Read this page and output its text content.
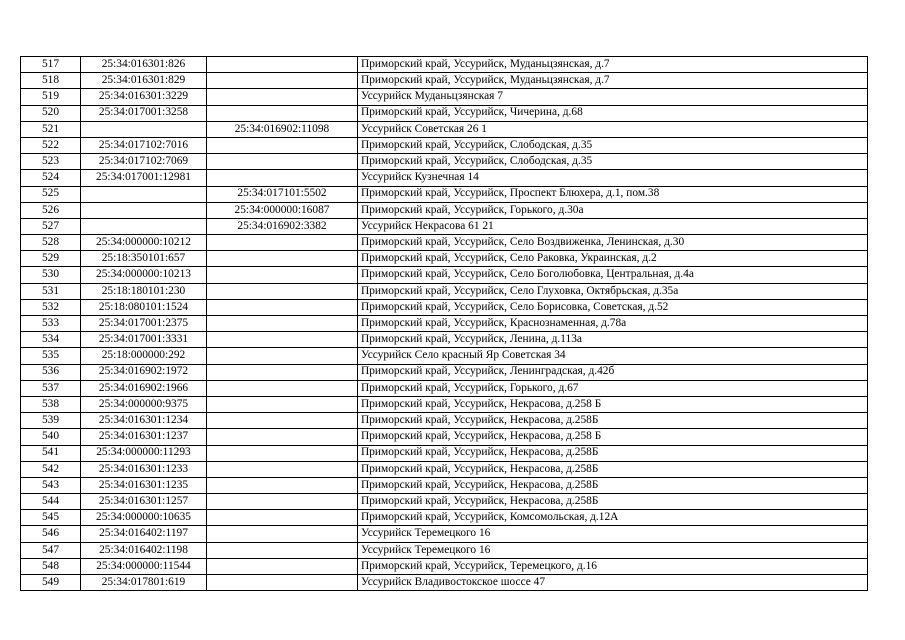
517	25:34:016301:826		Приморский край, Уссурийск, Муданьцзянская, д.7
518	25:34:016301:829		Приморский край, Уссурийск, Муданьцзянская, д.7
519	25:34:016301:3229		Уссурийск Муданьцзянская 7
520	25:34:017001:3258		Приморский край, Уссурийск, Чичерина, д.68
521		25:34:016902:11098	Уссурийск Советская 26 1
522	25:34:017102:7016		Приморский край, Уссурийск, Слободская, д.35
523	25:34:017102:7069		Приморский край, Уссурийск, Слободская, д.35
524	25:34:017001:12981		Уссурийск Кузнечная 14
525		25:34:017101:5502	Приморский край, Уссурийск, Проспект Блюхера, д.1, пом.38
526		25:34:000000:16087	Приморский край, Уссурийск, Горького, д.30а
527		25:34:016902:3382	Уссурийск Некрасова 61 21
528	25:34:000000:10212		Приморский край, Уссурийск, Село Воздвиженка, Ленинская, д.30
529	25:18:350101:657		Приморский край, Уссурийск, Село Раковка, Украинская, д.2
530	25:34:000000:10213		Приморский край, Уссурийск, Село Боголюбовка, Центральная, д.4а
531	25:18:180101:230		Приморский край, Уссурийск, Село Глуховка, Октябрьская, д.35а
532	25:18:080101:1524		Приморский край, Уссурийск, Село Борисовка, Советская, д.52
533	25:34:017001:2375		Приморский край, Уссурийск, Краснознаменная, д.78а
534	25:34:017001:3331		Приморский край, Уссурийск, Ленина, д.113а
535	25:18:000000:292		Уссурийск Село красный Яр Советская 34
536	25:34:016902:1972		Приморский край, Уссурийск, Ленинградская, д.42б
537	25:34:016902:1966		Приморский край, Уссурийск, Горького, д.67
538	25:34:000000:9375		Приморский край, Уссурийск, Некрасова, д.258 Б
539	25:34:016301:1234		Приморский край, Уссурийск, Некрасова, д.258Б
540	25:34:016301:1237		Приморский край, Уссурийск, Некрасова, д.258 Б
541	25:34:000000:11293		Приморский край, Уссурийск, Некрасова, д.258Б
542	25:34:016301:1233		Приморский край, Уссурийск, Некрасова, д.258Б
543	25:34:016301:1235		Приморский край, Уссурийск, Некрасова, д.258Б
544	25:34:016301:1257		Приморский край, Уссурийск, Некрасова, д.258Б
545	25:34:000000:10635		Приморский край, Уссурийск, Комсомольская, д.12А
546	25:34:016402:1197		Уссурийск Теремецкого 16
547	25:34:016402:1198		Уссурийск Теремецкого 16
548	25:34:000000:11544		Приморский край, Уссурийск, Теремецкого, д.16
549	25:34:017801:619		Уссурийск Владивостокское шоссе 47
